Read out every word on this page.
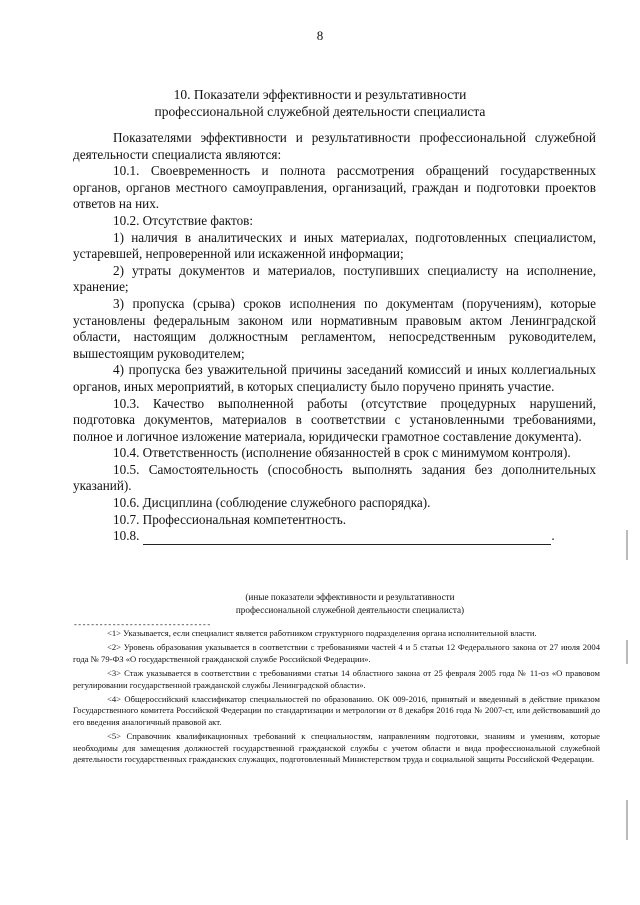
8
10. Показатели эффективности и результативности
профессиональной служебной деятельности специалиста

Показателями эффективности и результативности профессиональной служебной деятельности специалиста являются:

10.1. Своевременность и полнота рассмотрения обращений государственных органов, органов местного самоуправления, организаций, граждан и подготовки проектов ответов на них.

10.2. Отсутствие фактов:

1) наличия в аналитических и иных материалах, подготовленных специалистом, устаревшей, непроверенной или искаженной информации;

2) утраты документов и материалов, поступивших специалисту на исполнение, хранение;

3) пропуска (срыва) сроков исполнения по документам (поручениям), которые установлены федеральным законом или нормативным правовым актом Ленинградской области, настоящим должностным регламентом, непосредственным руководителем, вышестоящим руководителем;

4) пропуска без уважительной причины заседаний комиссий и иных коллегиальных органов, иных мероприятий, в которых специалисту было поручено принять участие.

10.3. Качество выполненной работы (отсутствие процедурных нарушений, подготовка документов, материалов в соответствии с установленными требованиями, полное и логичное изложение материала, юридически грамотное составление документа).

10.4. Ответственность (исполнение обязанностей в срок с минимумом контроля).

10.5. Самостоятельность (способность выполнять задания без дополнительных указаний).

10.6. Дисциплина (соблюдение служебного распорядка).

10.7. Профессиональная компетентность.

10.8.	.

(иные показатели эффективности и результативности
профессиональной служебной деятельности специалиста)
--------------------------------

<1> Указывается, если специалист является работником структурного подразделения органа исполнительной власти.

<2> Уровень образования указывается в соответствии с требованиями частей 4 и 5 статьи 12 Федерального закона от 27 июля 2004 года № 79-ФЗ «О государственной гражданской службе Российской Федерации».

<3> Стаж указывается в соответствии с требованиями статьи 14 областного закона от 25 февраля 2005 года № 11-оз «О правовом регулировании государственной гражданской службы Ленинградской области».

<4> Общероссийский классификатор специальностей по образованию. ОК 009-2016, принятый и введенный в действие приказом Государственного комитета Российской Федерации по стандартизации и метрологии от 8 декабря 2016 года № 2007-ст, или действовавший до его введения аналогичный правовой акт.

<5> Справочник квалификационных требований к специальностям, направлениям подготовки, знаниям и умениям, которые необходимы для замещения должностей государственной гражданской службы с учетом области и вида профессиональной служебной деятельности государственных гражданских служащих, подготовленный Министерством труда и социальной защиты Российской Федерации.
